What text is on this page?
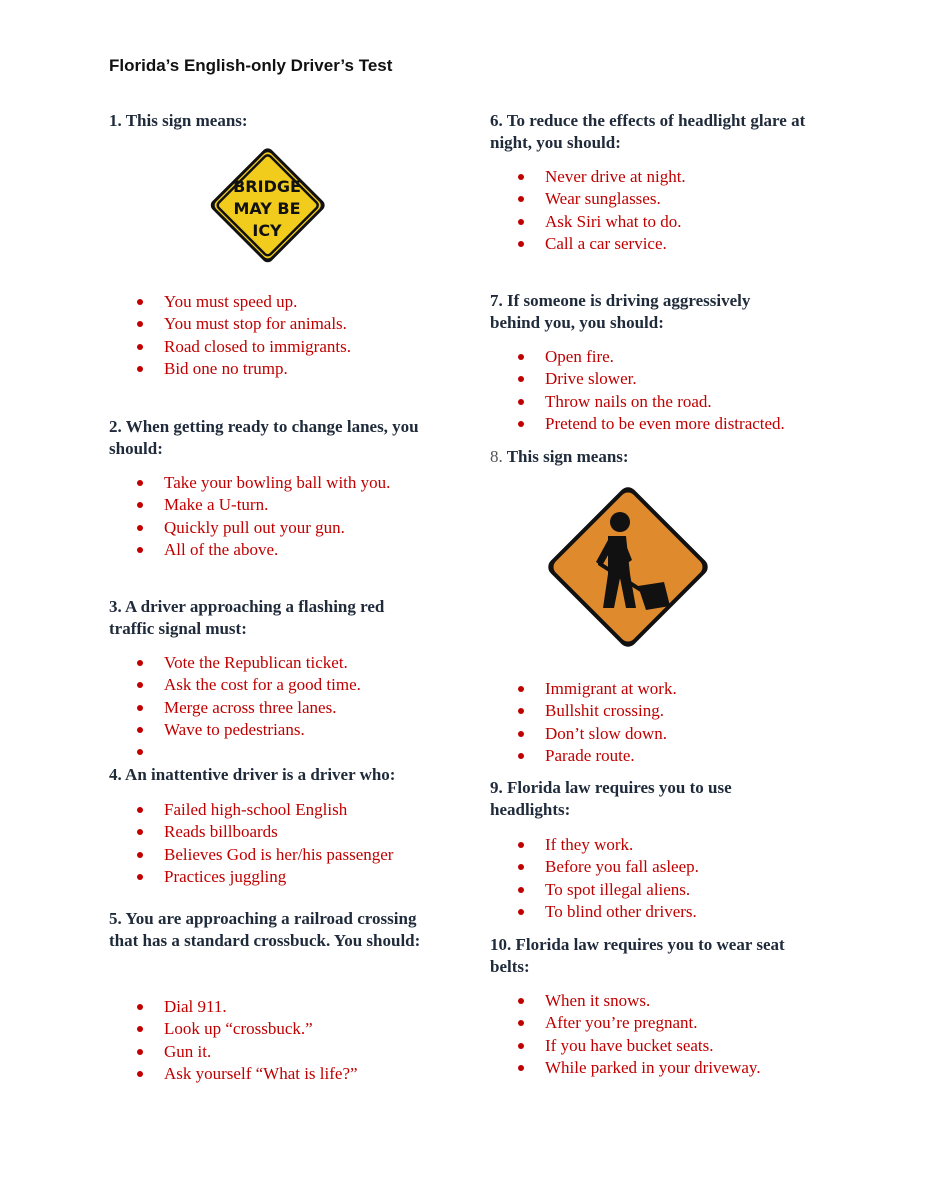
Florida’s English-only Driver’s Test

1. This sign means:

BRIDGE
MAY BE
ICY
You must speed up.
You must stop for animals.
Road closed to immigrants.
Bid one no trump.

2. When getting ready to change lanes, you should:

Take your bowling ball with you.
Make a U-turn.
Quickly pull out your gun.
All of the above.

3. A driver approaching a flashing red traffic signal must:

Vote the Republican ticket.
Ask the cost for a good time.
Merge across three lanes.
Wave to pedestrians.

4. An inattentive driver is a driver who:

Failed high-school English
Reads billboards
Believes God is her/his passenger
Practices juggling

5. You are approaching a railroad crossing that has a standard crossbuck. You should:

Dial 911.
Look up “crossbuck.”
Gun it.
Ask yourself “What is life?”

6. To reduce the effects of headlight glare at night, you should:

Never drive at night.
Wear sunglasses.
Ask Siri what to do.
Call a car service.

7. If someone is driving aggressively behind you, you should:

Open fire.
Drive slower.
Throw nails on the road.
Pretend to be even more distracted.

8. This sign means:

Immigrant at work.
Bullshit crossing.
Don’t slow down.
Parade route.

9. Florida law requires you to use headlights:

If they work.
Before you fall asleep.
To spot illegal aliens.
To blind other drivers.

10. Florida law requires you to wear seat belts:

When it snows.
After you’re pregnant.
If you have bucket seats.
While parked in your driveway.
